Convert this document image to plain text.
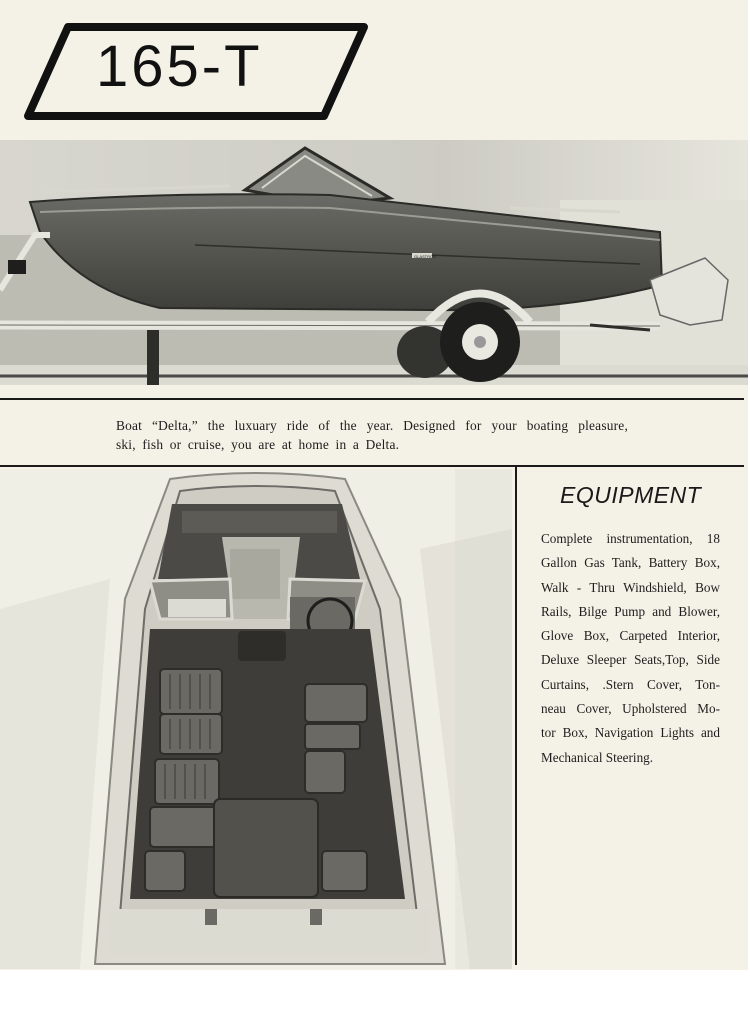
165-T
GLASTRON
Boat “Delta,” the luxuary ride of the year. Designed for your boating pleasure,
ski, fish or cruise, you are at home in a Delta.
EQUIPMENT
Complete instrumentation, 18
Gallon Gas Tank, Battery Box,
Walk - Thru Windshield, Bow
Rails, Bilge Pump and Blower,
Glove Box, Carpeted Interior,
Deluxe Sleeper Seats,Top, Side
Curtains, .Stern Cover, Ton-
neau Cover, Upholstered Mo-
tor Box, Navigation Lights and
Mechanical Steering.
